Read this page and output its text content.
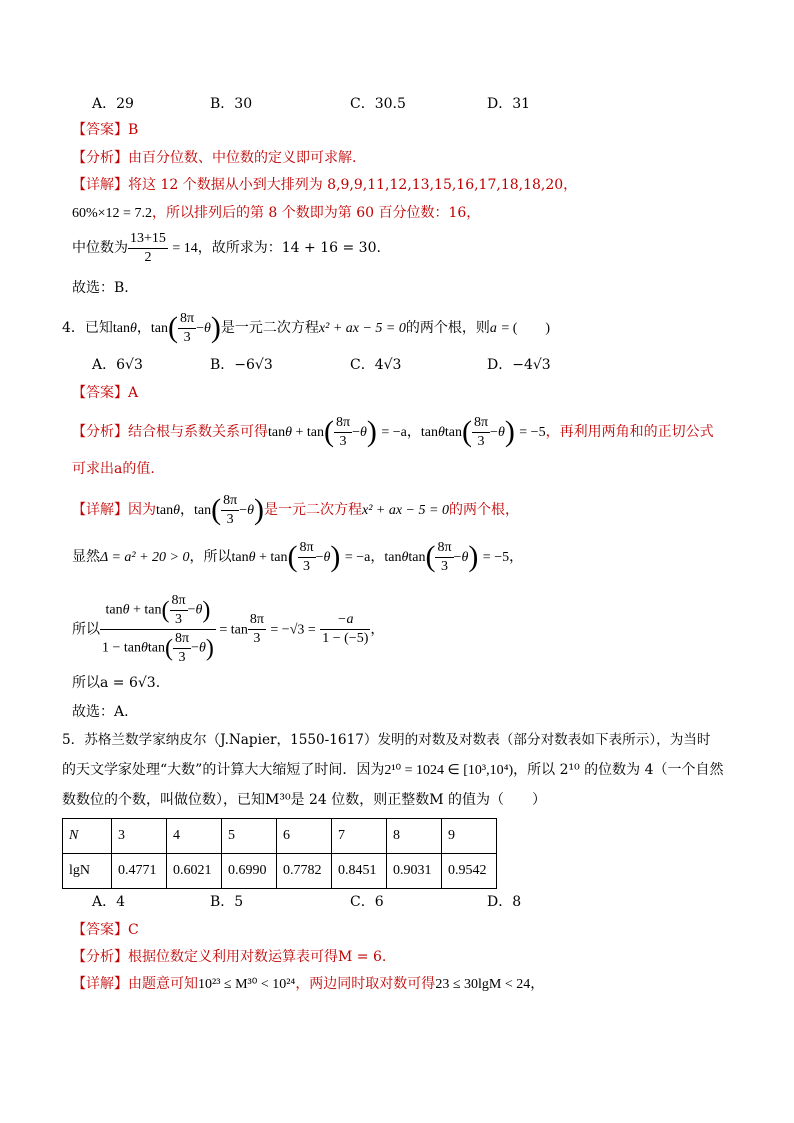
A．29	B．30	C．30.5	D．31
【答案】B
【分析】由百分位数、中位数的定义即可求解.
【详解】将这 12 个数据从小到大排列为 8,9,9,11,12,13,15,16,17,18,18,20，
60%×12 = 7.2，所以排列后的第 8 个数即为第 60 百分位数：16，
中位数为 $\frac{13+15}{2} = 14$，故所求为：14 + 16 = 30.
故选：B.
4．已知tanθ，$\tan( \frac{8\pi}{3} -\theta)$是一元二次方程x² + ax − 5 = 0的两个根，则a = (　　)
A．6√3	B．−6√3	C．4√3	D．−4√3
【答案】A
【分析】结合根与系数关系可得$\tan\theta + \tan( \frac{8\pi}{3} -\theta) = -a$，$\tan\theta\tan( \frac{8\pi}{3} -\theta) = -5$，再利用两角和的正切公式
可求出a的值.
【详解】因为tanθ，$\tan( \frac{8\pi}{3} -\theta)$是一元二次方程x² + ax − 5 = 0的两个根，
显然Δ = a² + 20 > 0，所以$\tan\theta + \tan( \frac{8\pi}{3} -\theta) = -a$，$\tan\theta\tan( \frac{8\pi}{3} -\theta) = -5$，
所以 $\frac{\tan\theta + \tan( \frac{8\pi}{3} -\theta)}{1 - \tan\theta\tan( \frac{8\pi}{3} -\theta)} = \tan \frac{8\pi}{3} = -√3 = \frac{-a}{1 - (-5)}$ ，
所以a = 6√3.
故选：A.
5．苏格兰数学家纳皮尔（J.Napier，1550-1617）发明的对数及对数表（部分对数表如下表所示），为当时
的天文学家处理“大数”的计算大大缩短了时间．因为2¹⁰ = 1024 ∈ [10³,10⁴)，所以 2¹⁰ 的位数为 4（一个自然
数数位的个数，叫做位数），已知M³⁰是 24 位数，则正整数M 的值为（　　）
N	3	4	5	6	7	8	9
lgN	0.4771	0.6021	0.6990	0.7782	0.8451	0.9031	0.9542
A．4	B．5	C．6	D．8
【答案】C
【分析】根据位数定义利用对数运算表可得M = 6.
【详解】由题意可知10²³ ≤ M³⁰ < 10²⁴，两边同时取对数可得23 ≤ 30lgM < 24，
